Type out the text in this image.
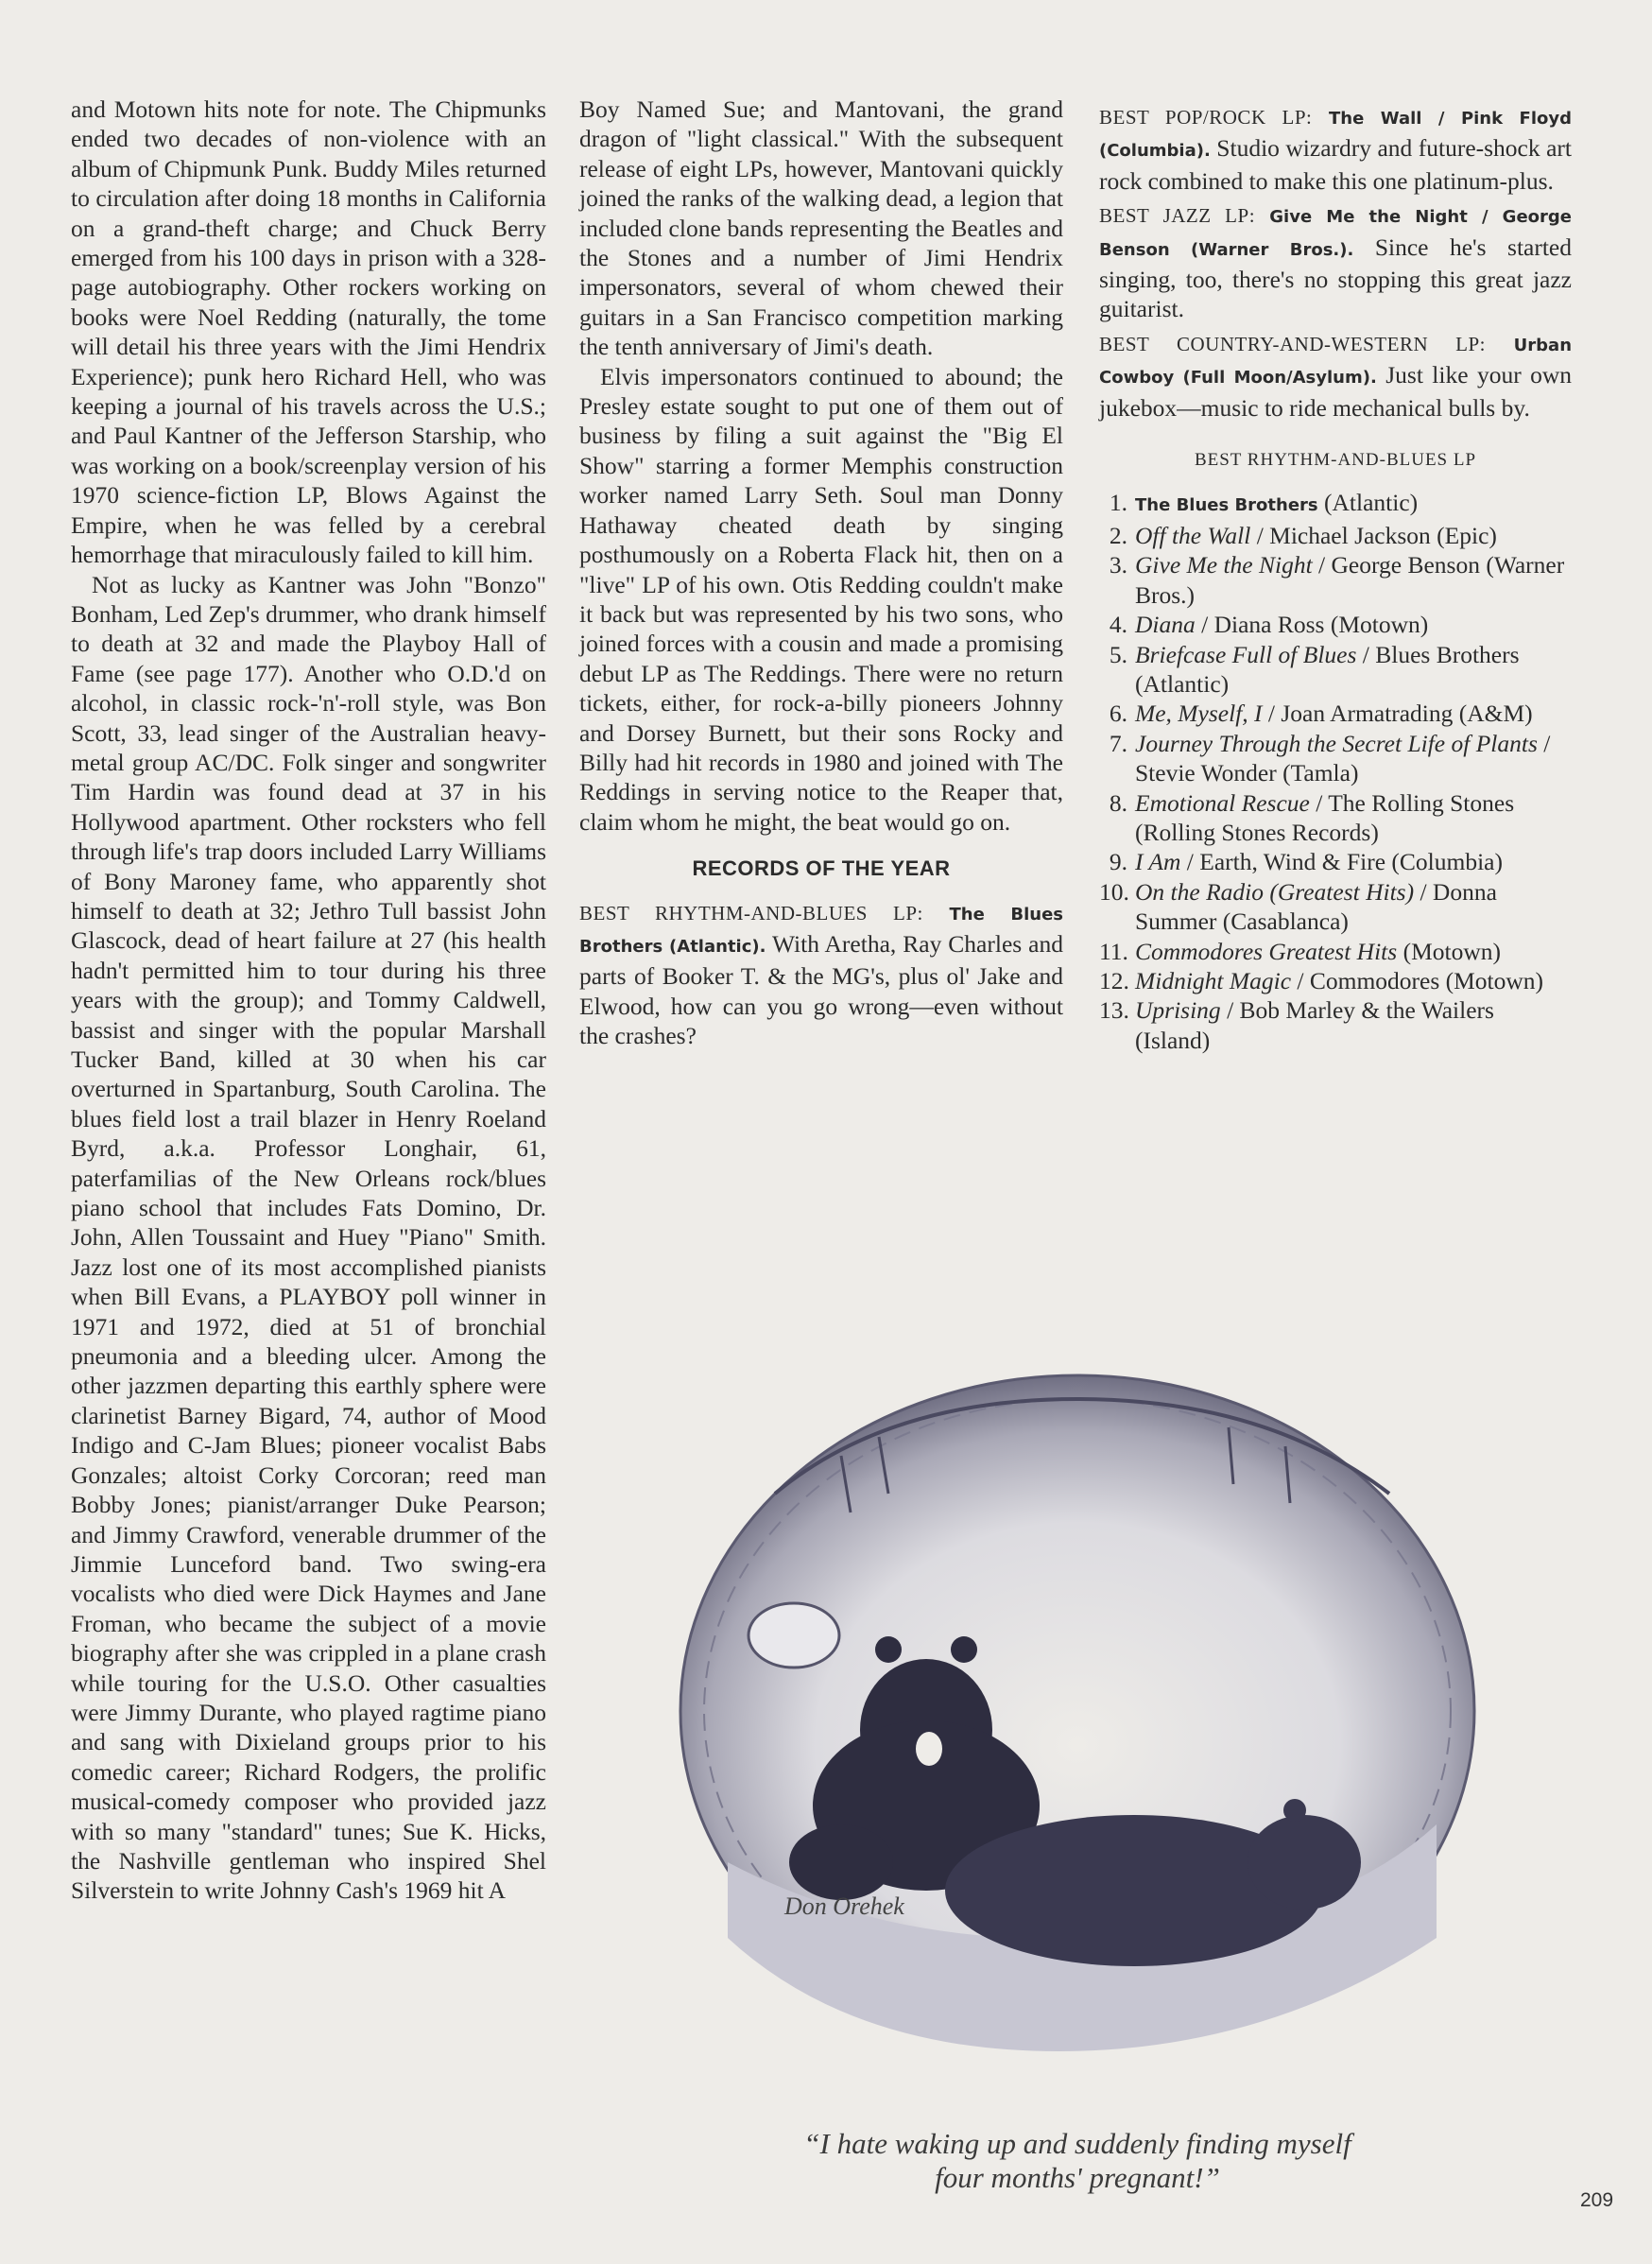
and Motown hits note for note. The Chipmunks ended two decades of non-violence with an album of Chipmunk Punk. Buddy Miles returned to circulation after doing 18 months in California on a grand-theft charge; and Chuck Berry emerged from his 100 days in prison with a 328-page autobiography. Other rockers working on books were Noel Redding (naturally, the tome will detail his three years with the Jimi Hendrix Experience); punk hero Richard Hell, who was keeping a journal of his travels across the U.S.; and Paul Kantner of the Jefferson Starship, who was working on a book/screenplay version of his 1970 science-fiction LP, Blows Against the Empire, when he was felled by a cerebral hemorrhage that miraculously failed to kill him.

Not as lucky as Kantner was John "Bonzo" Bonham, Led Zep's drummer, who drank himself to death at 32 and made the Playboy Hall of Fame (see page 177). Another who O.D.'d on alcohol, in classic rock-'n'-roll style, was Bon Scott, 33, lead singer of the Australian heavy-metal group AC/DC. Folk singer and songwriter Tim Hardin was found dead at 37 in his Hollywood apartment. Other rocksters who fell through life's trap doors included Larry Williams of Bony Maroney fame, who apparently shot himself to death at 32; Jethro Tull bassist John Glascock, dead of heart failure at 27 (his health hadn't permitted him to tour during his three years with the group); and Tommy Caldwell, bassist and singer with the popular Marshall Tucker Band, killed at 30 when his car overturned in Spartanburg, South Carolina. The blues field lost a trail blazer in Henry Roeland Byrd, a.k.a. Professor Longhair, 61, paterfamilias of the New Orleans rock/blues piano school that includes Fats Domino, Dr. John, Allen Toussaint and Huey "Piano" Smith. Jazz lost one of its most accomplished pianists when Bill Evans, a PLAYBOY poll winner in 1971 and 1972, died at 51 of bronchial pneumonia and a bleeding ulcer. Among the other jazzmen departing this earthly sphere were clarinetist Barney Bigard, 74, author of Mood Indigo and C-Jam Blues; pioneer vocalist Babs Gonzales; altoist Corky Corcoran; reed man Bobby Jones; pianist/arranger Duke Pearson; and Jimmy Crawford, venerable drummer of the Jimmie Lunceford band. Two swing-era vocalists who died were Dick Haymes and Jane Froman, who became the subject of a movie biography after she was crippled in a plane crash while touring for the U.S.O. Other casualties were Jimmy Durante, who played ragtime piano and sang with Dixieland groups prior to his comedic career; Richard Rodgers, the prolific musical-comedy composer who provided jazz with so many "standard" tunes; Sue K. Hicks, the Nashville gentleman who inspired Shel Silverstein to write Johnny Cash's 1969 hit A

Boy Named Sue; and Mantovani, the grand dragon of "light classical." With the subsequent release of eight LPs, however, Mantovani quickly joined the ranks of the walking dead, a legion that included clone bands representing the Beatles and the Stones and a number of Jimi Hendrix impersonators, several of whom chewed their guitars in a San Francisco competition marking the tenth anniversary of Jimi's death.

Elvis impersonators continued to abound; the Presley estate sought to put one of them out of business by filing a suit against the "Big El Show" starring a former Memphis construction worker named Larry Seth. Soul man Donny Hathaway cheated death by singing posthumously on a Roberta Flack hit, then on a "live" LP of his own. Otis Redding couldn't make it back but was represented by his two sons, who joined forces with a cousin and made a promising debut LP as The Reddings. There were no return tickets, either, for rock-a-billy pioneers Johnny and Dorsey Burnett, but their sons Rocky and Billy had hit records in 1980 and joined with The Reddings in serving notice to the Reaper that, claim whom he might, the beat would go on.

RECORDS OF THE YEAR

BEST RHYTHM-AND-BLUES LP: The Blues Brothers (Atlantic). With Aretha, Ray Charles and parts of Booker T. & the MG's, plus ol' Jake and Elwood, how can you go wrong—even without the crashes?

BEST POP/ROCK LP: The Wall / Pink Floyd (Columbia). Studio wizardry and future-shock art rock combined to make this one platinum-plus.

BEST JAZZ LP: Give Me the Night / George Benson (Warner Bros.). Since he's started singing, too, there's no stopping this great jazz guitarist.

BEST COUNTRY-AND-WESTERN LP: Urban Cowboy (Full Moon/Asylum). Just like your own jukebox—music to ride mechanical bulls by.

BEST RHYTHM-AND-BLUES LP
1. The Blues Brothers (Atlantic)
2. Off the Wall / Michael Jackson (Epic)
3. Give Me the Night / George Benson (Warner Bros.)
4. Diana / Diana Ross (Motown)
5. Briefcase Full of Blues / Blues Brothers (Atlantic)
6. Me, Myself, I / Joan Armatrading (A&M)
7. Journey Through the Secret Life of Plants / Stevie Wonder (Tamla)
8. Emotional Rescue / The Rolling Stones (Rolling Stones Records)
9. I Am / Earth, Wind & Fire (Columbia)
10. On the Radio (Greatest Hits) / Donna Summer (Casablanca)
11. Commodores Greatest Hits (Motown)
12. Midnight Magic / Commodores (Motown)
13. Uprising / Bob Marley & the Wailers (Island)
Don Orehek
“I hate waking up and suddenly finding myself
four months' pregnant!”
209
